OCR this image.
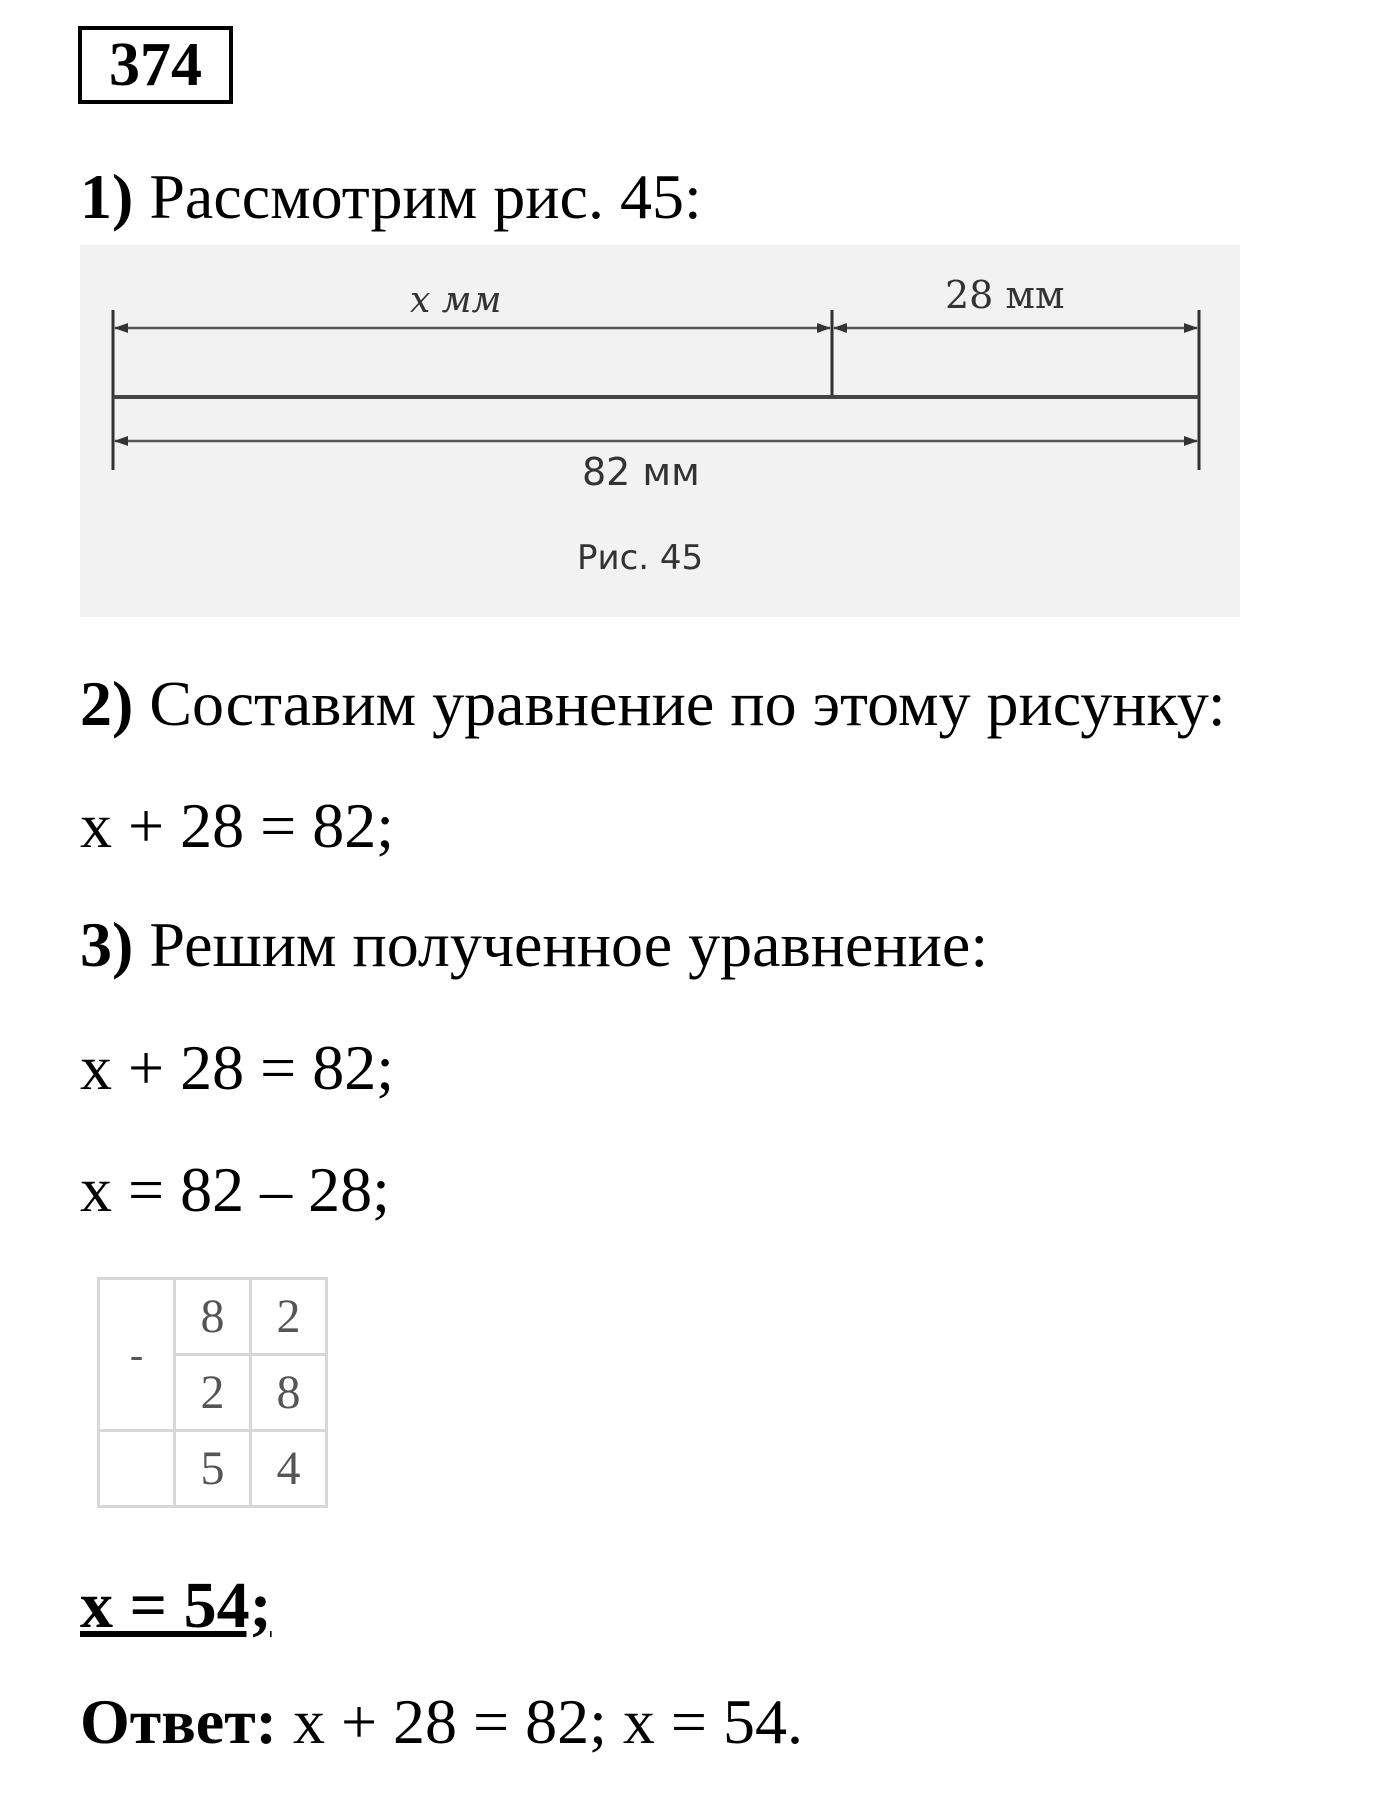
374
1) Рассмотрим рис. 45:
x мм	28 мм
82 мм
Рис. 45
2) Составим уравнение по этому рисунку:
x + 28 = 82;
3) Решим полученное уравнение:
x + 28 = 82;
x = 82 – 28;
-	8	2
	2	8
	5	4
x = 54;
Ответ: x + 28 = 82; x = 54.
